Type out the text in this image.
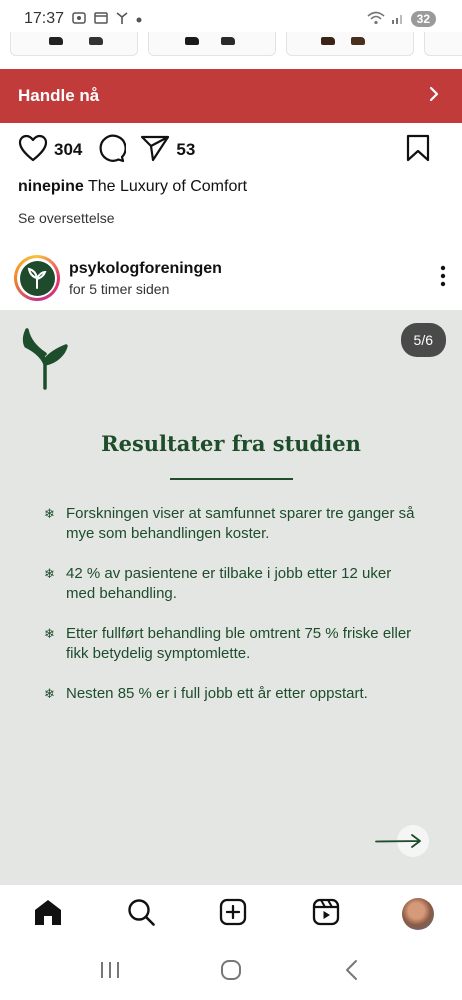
17:37	32
Handle nå
304	53
ninepine The Luxury of Comfort
Se oversettelse
psykologforeningen
for 5 timer siden
5/6
Resultater fra studien
❄ Forskningen viser at samfunnet sparer tre ganger så mye som behandlingen koster.
❄ 42 % av pasientene er tilbake i jobb etter 12 uker med behandling.
❄ Etter fullført behandling ble omtrent 75 % friske eller fikk betydelig symptomlette.
❄ Nesten 85 % er i full jobb ett år etter oppstart.
